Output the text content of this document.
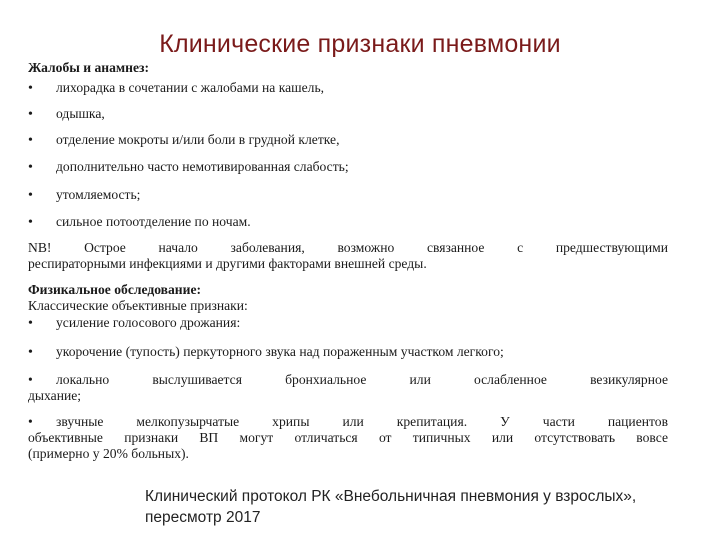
Клинические признаки пневмонии
Жалобы и анамнез:
• лихорадка в сочетании с жалобами на кашель,
• одышка,
• отделение мокроты и/или боли в грудной клетке,
• дополнительно часто немотивированная слабость;
• утомляемость;
• сильное потоотделение по ночам.
NB! Острое начало заболевания, возможно связанное с предшествующими
респираторными инфекциями и другими факторами внешней среды.
Физикальное обследование:
Классические объективные признаки:
• усиление голосового дрожания:
• укорочение (тупость) перкуторного звука над пораженным участком легкого;
• локально выслушивается бронхиальное или ослабленное везикулярное
дыхание;
• звучные мелкопузырчатые хрипы или крепитация. У части пациентов
объективные признаки ВП могут отличаться от типичных или отсутствовать вовсе
(примерно у 20% больных).
Клинический протокол РК «Внебольничная пневмония у взрослых»,
пересмотр 2017
